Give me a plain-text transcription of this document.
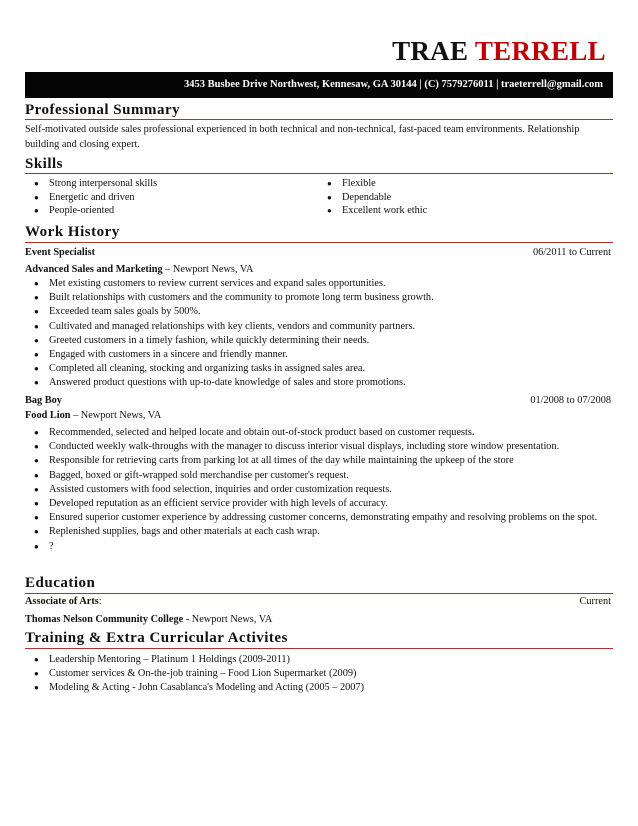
TRAE TERRELL
3453 Busbee Drive Northwest, Kennesaw, GA 30144 | (C) 7579276011 | traeterrell@gmail.com
Professional Summary
Self-motivated outside sales professional experienced in both technical and non-technical, fast-paced team environments. Relationship building and closing expert.
Skills
● Strong interpersonal skills
● Energetic and driven
● People-oriented
● Flexible
● Dependable
● Excellent work ethic
Work History
Event Specialist	06/2011 to Current
Advanced Sales and Marketing – Newport News, VA
● Met existing customers to review current services and expand sales opportunities.
● Built relationships with customers and the community to promote long term business growth.
● Exceeded team sales goals by 500%.
● Cultivated and managed relationships with key clients, vendors and community partners.
● Greeted customers in a timely fashion, while quickly determining their needs.
● Engaged with customers in a sincere and friendly manner.
● Completed all cleaning, stocking and organizing tasks in assigned sales area.
● Answered product questions with up-to-date knowledge of sales and store promotions.
Bag Boy	01/2008 to 07/2008
Food Lion – Newport News, VA
● Recommended, selected and helped locate and obtain out-of-stock product based on customer requests.
● Conducted weekly walk-throughs with the manager to discuss interior visual displays, including store window presentation.
● Responsible for retrieving carts from parking lot at all times of the day while maintaining the upkeep of the store
● Bagged, boxed or gift-wrapped sold merchandise per customer's request.
● Assisted customers with food selection, inquiries and order customization requests.
● Developed reputation as an efficient service provider with high levels of accuracy.
● Ensured superior customer experience by addressing customer concerns, demonstrating empathy and resolving problems on the spot.
● Replenished supplies, bags and other materials at each cash wrap.
● ?
Education
Associate of Arts:	Current
Thomas Nelson Community College - Newport News, VA
Training & Extra Curricular Activites
● Leadership Mentoring – Platinum 1 Holdings (2009-2011)
● Customer services & On-the-job training – Food Lion Supermarket (2009)
● Modeling & Acting - John Casablanca's Modeling and Acting (2005 – 2007)
